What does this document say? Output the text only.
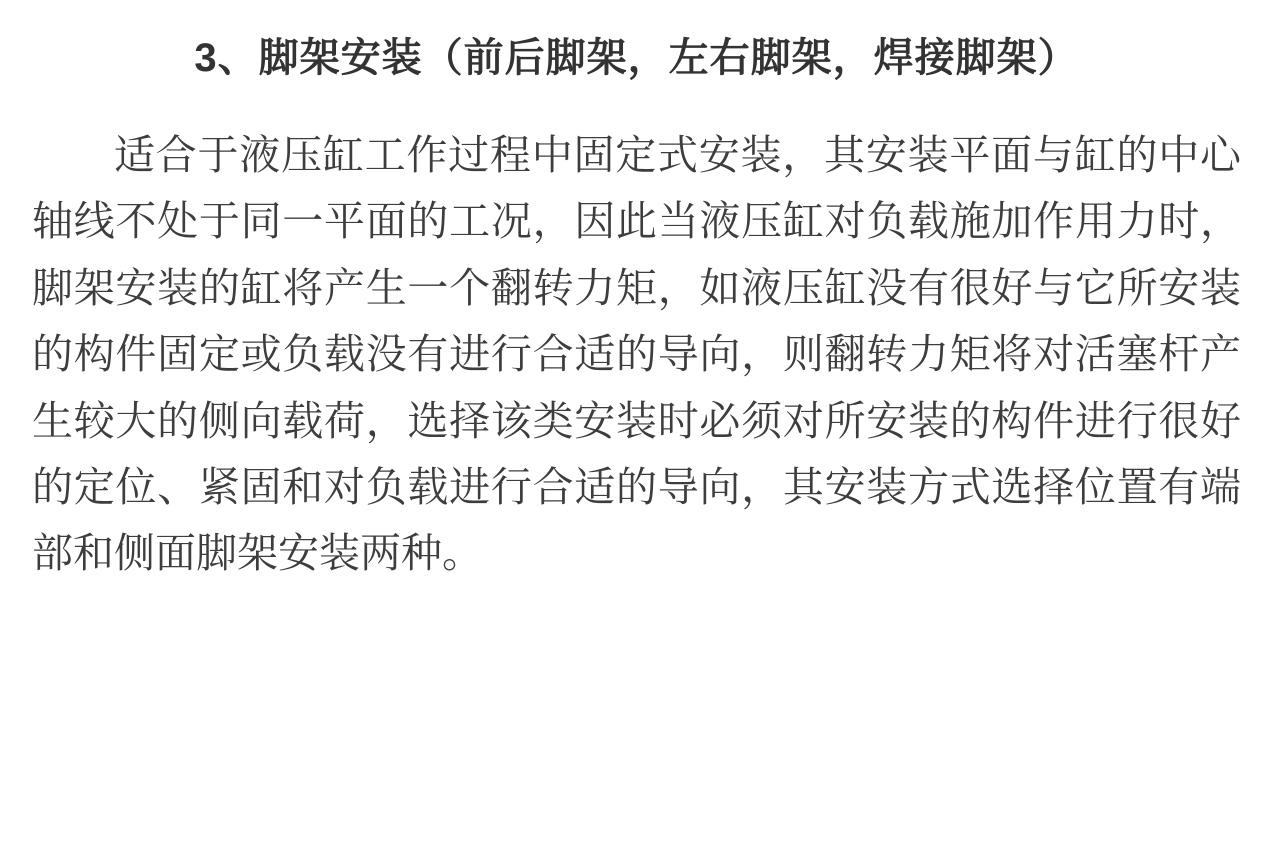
3、脚架安装（前后脚架，左右脚架，焊接脚架）

适合于液压缸工作过程中固定式安装，其安装平面与缸的中心轴线不处于同一平面的工况，因此当液压缸对负载施加作用力时，脚架安装的缸将产生一个翻转力矩，如液压缸没有很好与它所安装的构件固定或负载没有进行合适的导向，则翻转力矩将对活塞杆产生较大的侧向载荷，选择该类安装时必须对所安装的构件进行很好的定位、紧固和对负载进行合适的导向，其安装方式选择位置有端部和侧面脚架安装两种。
